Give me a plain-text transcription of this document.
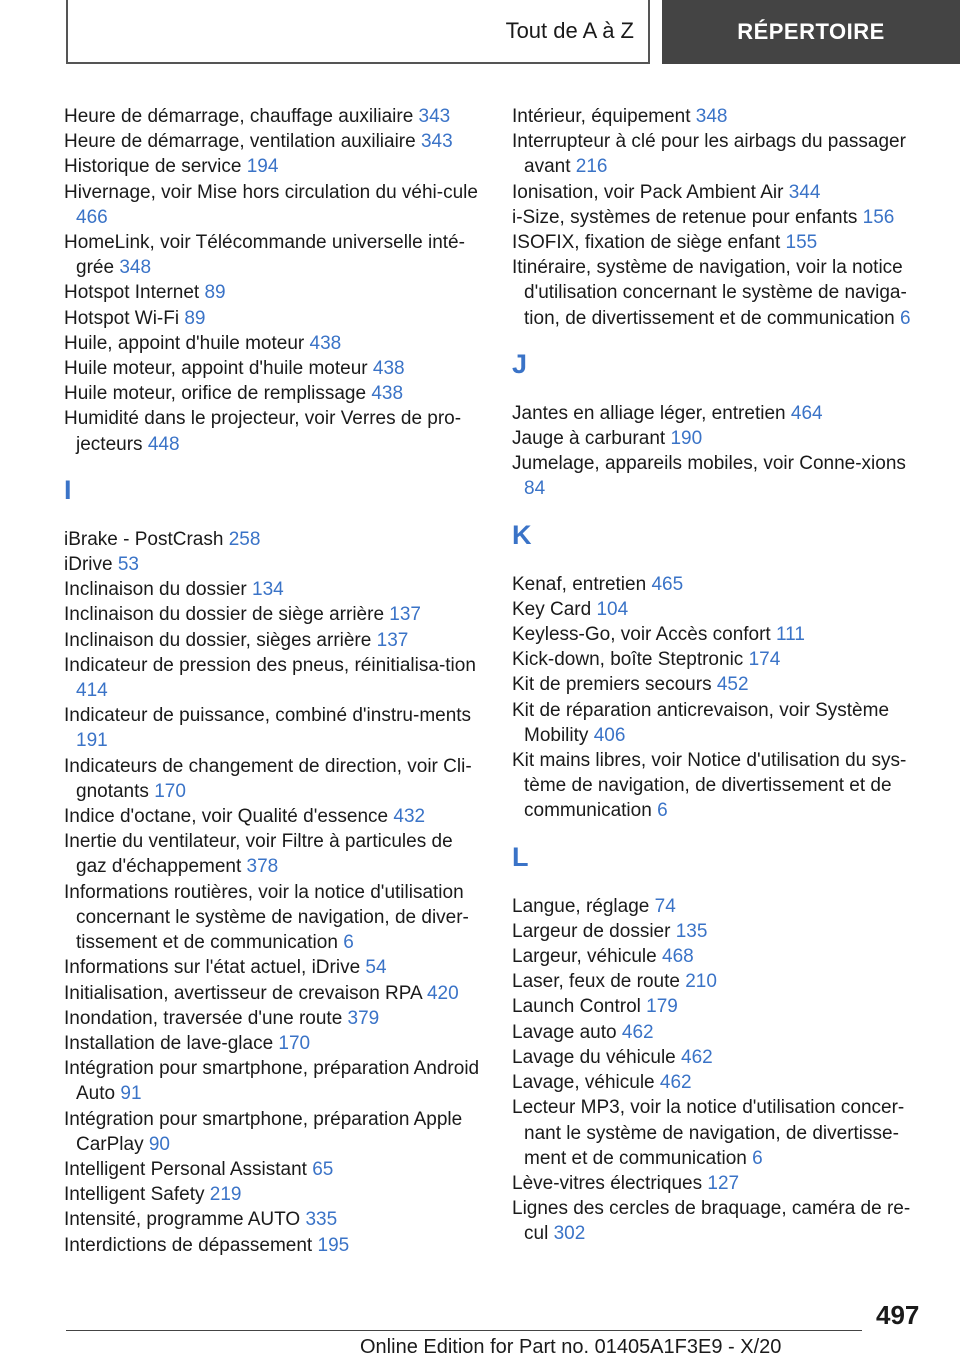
Tout de A à Z	RÉPERTOIRE
Heure de démarrage, chauffage auxiliaire 343
Heure de démarrage, ventilation auxiliaire 343
Historique de service 194
Hivernage, voir Mise hors circulation du véhi-cule 466
HomeLink, voir Télécommande universelle inté-grée 348
Hotspot Internet 89
Hotspot Wi-Fi 89
Huile, appoint d'huile moteur 438
Huile moteur, appoint d'huile moteur 438
Huile moteur, orifice de remplissage 438
Humidité dans le projecteur, voir Verres de pro-jecteurs 448
I
iBrake - PostCrash 258
iDrive 53
Inclinaison du dossier 134
Inclinaison du dossier de siège arrière 137
Inclinaison du dossier, sièges arrière 137
Indicateur de pression des pneus, réinitialisa-tion 414
Indicateur de puissance, combiné d'instru-ments 191
Indicateurs de changement de direction, voir Cli-gnotants 170
Indice d'octane, voir Qualité d'essence 432
Inertie du ventilateur, voir Filtre à particules de gaz d'échappement 378
Informations routières, voir la notice d'utilisation concernant le système de navigation, de diver-tissement et de communication 6
Informations sur l'état actuel, iDrive 54
Initialisation, avertisseur de crevaison RPA 420
Inondation, traversée d'une route 379
Installation de lave-glace 170
Intégration pour smartphone, préparation Android Auto 91
Intégration pour smartphone, préparation Apple CarPlay 90
Intelligent Personal Assistant 65
Intelligent Safety 219
Intensité, programme AUTO 335
Interdictions de dépassement 195
Intérieur, équipement 348
Interrupteur à clé pour les airbags du passager avant 216
Ionisation, voir Pack Ambient Air 344
i-Size, systèmes de retenue pour enfants 156
ISOFIX, fixation de siège enfant 155
Itinéraire, système de navigation, voir la notice d'utilisation concernant le système de naviga-tion, de divertissement et de communication 6
J
Jantes en alliage léger, entretien 464
Jauge à carburant 190
Jumelage, appareils mobiles, voir Conne-xions 84
K
Kenaf, entretien 465
Key Card 104
Keyless-Go, voir Accès confort 111
Kick-down, boîte Steptronic 174
Kit de premiers secours 452
Kit de réparation anticrevaison, voir Système Mobility 406
Kit mains libres, voir Notice d'utilisation du sys-tème de navigation, de divertissement et de communication 6
L
Langue, réglage 74
Largeur de dossier 135
Largeur, véhicule 468
Laser, feux de route 210
Launch Control 179
Lavage auto 462
Lavage du véhicule 462
Lavage, véhicule 462
Lecteur MP3, voir la notice d'utilisation concer-nant le système de navigation, de divertisse-ment et de communication 6
Lève-vitres électriques 127
Lignes des cercles de braquage, caméra de re-cul 302
497
Online Edition for Part no. 01405A1F3E9 - X/20
